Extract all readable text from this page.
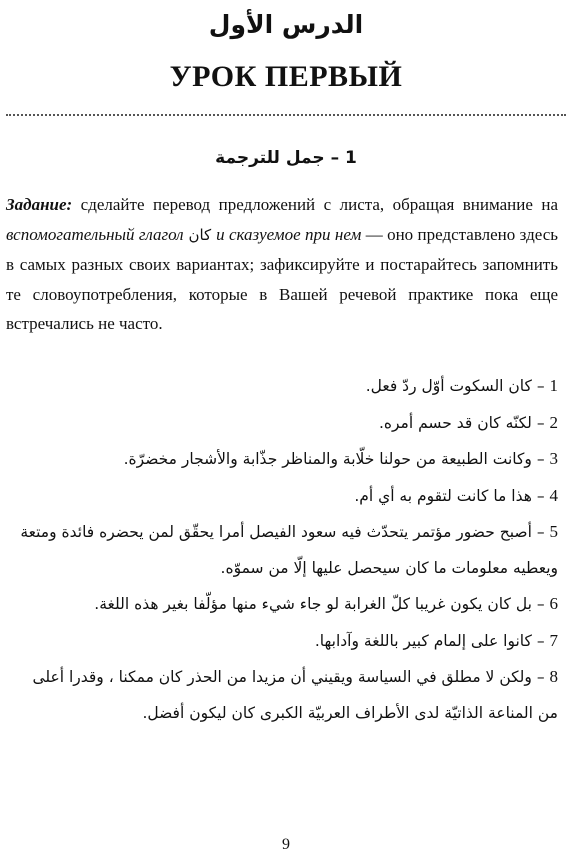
الدرس الأول
УРОК ПЕРВЫЙ
1 – جمل للترجمة
Задание: сделайте перевод предложений с листа, обращая внимание на вспомогательный глагол كان и сказуемое при нем — оно представлено здесь в самых разных своих вариантах; зафиксируйте и постарайтесь запомнить те словоупотребления, которые в Вашей речевой практике пока еще встречались не часто.

1 – كان السكوت أوّل ردّ فعل.

2 – لكنّه كان قد حسم أمره.

3 – وكانت الطبيعة من حولنا خلّابة والمناظر جذّابة والأشجار مخضرّة.

4 – هذا ما كانت لتقوم به أي أم.

5 – أصبح حضور مؤتمر يتحدّث فيه سعود الفيصل أمرا يحقّق لمن يحضره فائدة ومتعة ويعطيه معلومات ما كان سيحصل عليها إلّا من سموّه.

6 – بل كان يكون غريبا كلّ الغرابة لو جاء شيء منها مؤلّفا بغير هذه اللغة.

7 – كانوا على إلمام كبير باللغة وآدابها.

8 – ولكن لا مطلق في السياسة ويقيني أن مزيدا من الحذر كان ممكنا ، وقدرا أعلى من المناعة الذاتيّة لدى الأطراف العربيّة الكبرى كان ليكون أفضل.

9
